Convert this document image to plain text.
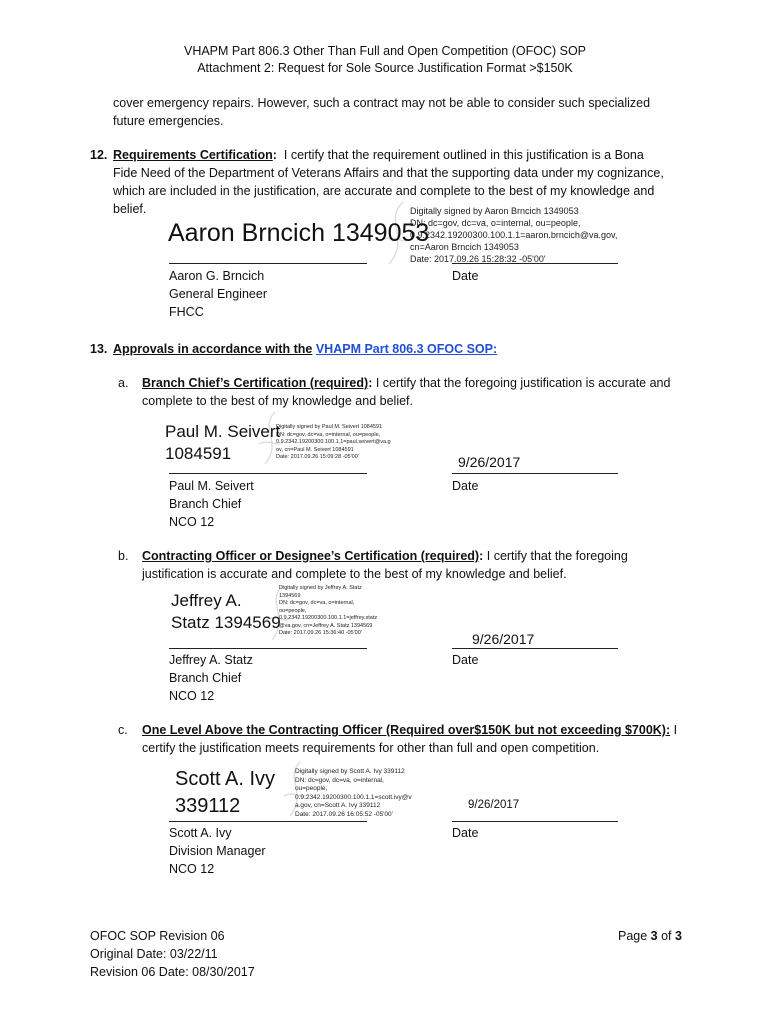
VHAPM Part 806.3 Other Than Full and Open Competition (OFOC) SOP
Attachment 2: Request for Sole Source Justification Format >$150K
cover emergency repairs. However, such a contract may not be able to consider such specialized
future emergencies.
12. Requirements Certification: I certify that the requirement outlined in this justification is a Bona
Fide Need of the Department of Veterans Affairs and that the supporting data under my cognizance,
which are included in the justification, are accurate and complete to the best of my knowledge and
belief.
Aaron Brncich 1349053
Digitally signed by Aaron Brncich 1349053
DN: dc=gov, dc=va, o=internal, ou=people,
0.9.2342.19200300.100.1.1=aaron.brncich@va.gov,
cn=Aaron Brncich 1349053
Date: 2017.09.26 15:28:32 -05'00'
Aaron G. Brncich
General Engineer
FHCC
Date
13. Approvals in accordance with the VHAPM Part 806.3 OFOC SOP:
a. Branch Chief’s Certification (required): I certify that the foregoing justification is accurate and
complete to the best of my knowledge and belief.
Paul M. Seivert
1084591
Digitally signed by Paul M. Seivert 1084591
DN: dc=gov, dc=va, o=internal, ou=people,
0.9.2342.19200300.100.1.1=paul.seivert@va.g
ov, cn=Paul M. Seivert 1084591
Date: 2017.09.26 15:09:28 -05'00'	9/26/2017
Paul M. Seivert
Branch Chief
NCO 12
Date
b. Contracting Officer or Designee’s Certification (required): I certify that the foregoing
justification is accurate and complete to the best of my knowledge and belief.
Jeffrey A.
Statz 1394569
Digitally signed by Jeffrey A. Statz
1394569
DN: dc=gov, dc=va, o=internal,
ou=people,
0.9.2342.19200300.100.1.1=jeffrey.statz
@va.gov, cn=Jeffrey A. Statz 1394569
Date: 2017.09.26 15:36:40 -05'00'	9/26/2017
Jeffrey A. Statz
Branch Chief
NCO 12
Date
c. One Level Above the Contracting Officer (Required over$150K but not exceeding $700K): I
certify the justification meets requirements for other than full and open competition.
Scott A. Ivy
339112
Digitally signed by Scott A. Ivy 339112
DN: dc=gov, dc=va, o=internal,
ou=people,
0.9.2342.19200300.100.1.1=scott.ivy@v
a.gov, cn=Scott A. Ivy 339112
Date: 2017.09.26 16:05:52 -05'00'
9/26/2017
Scott A. Ivy
Division Manager
NCO 12
Date
OFOC SOP Revision 06
Original Date: 03/22/11
Revision 06 Date: 08/30/2017
Page 3 of 3
